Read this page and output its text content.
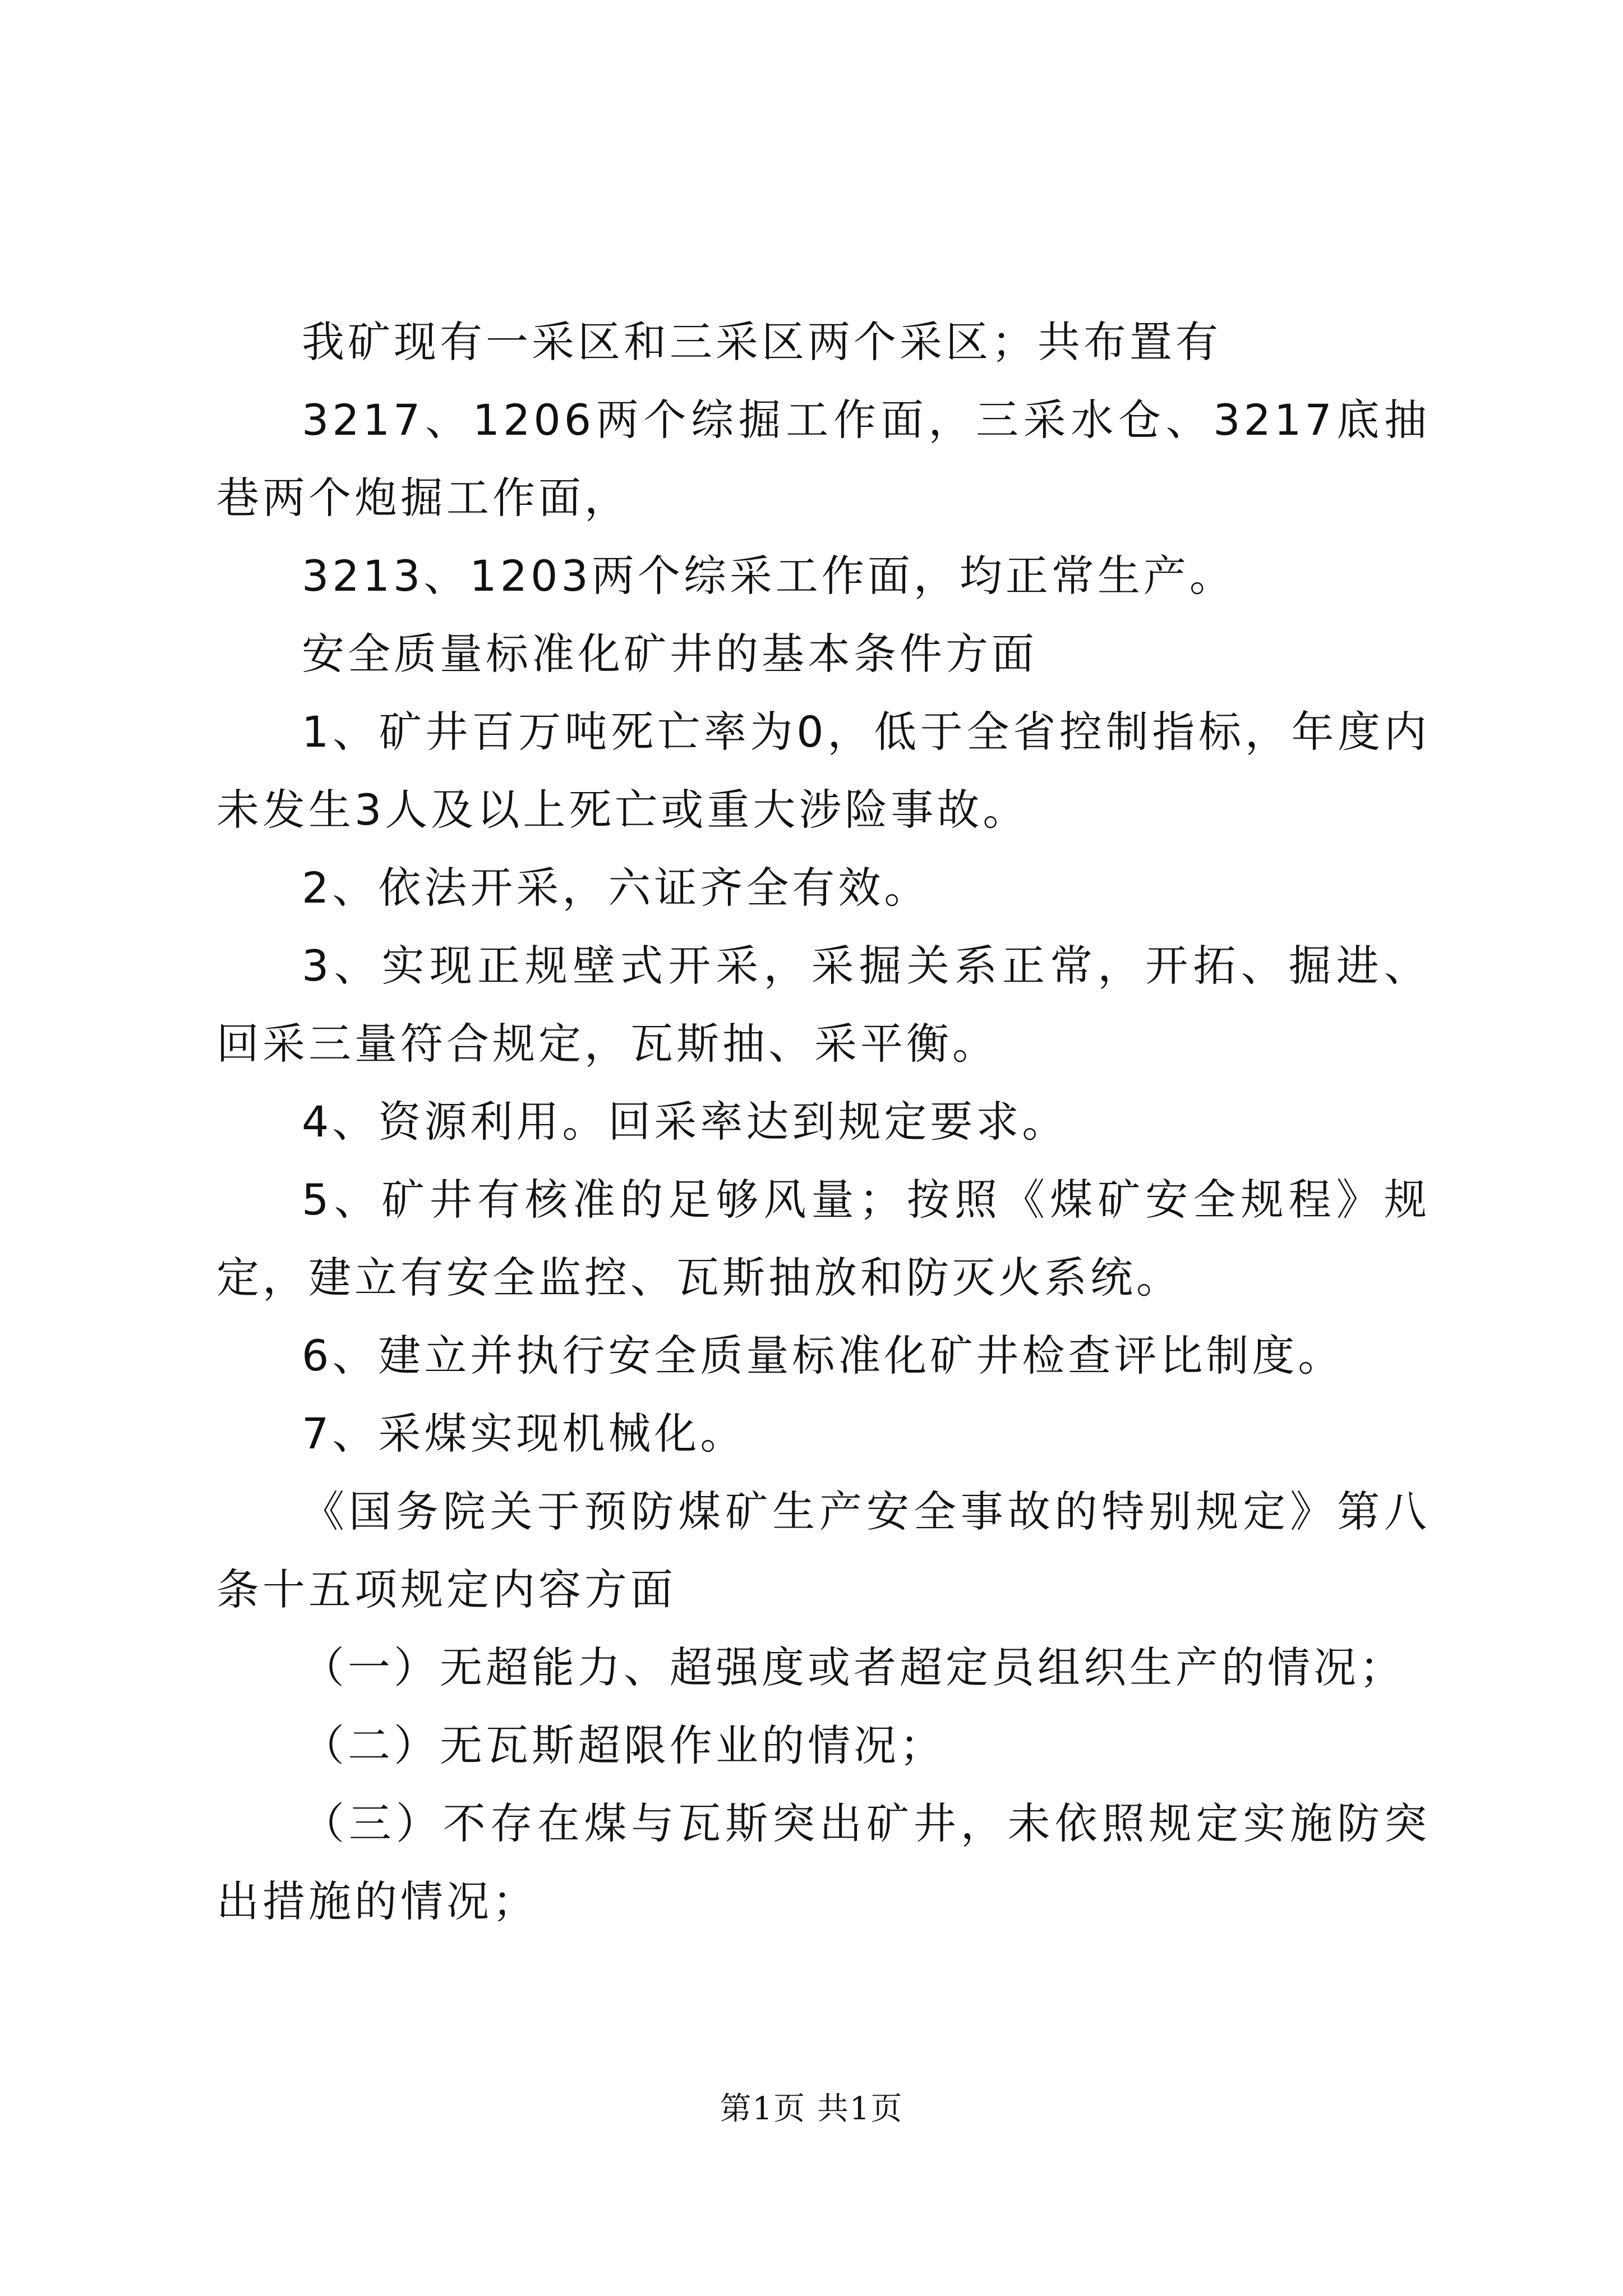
我矿现有一采区和三采区两个采区；共布置有

3217、1206两个综掘工作面，三采水仓、3217底抽巷两个炮掘工作面，

3213、1203两个综采工作面，均正常生产。

安全质量标准化矿井的基本条件方面

1、矿井百万吨死亡率为0，低于全省控制指标，年度内未发生3人及以上死亡或重大涉险事故。

2、依法开采，六证齐全有效。

3、实现正规壁式开采，采掘关系正常，开拓、掘进、回采三量符合规定，瓦斯抽、采平衡。

4、资源利用。回采率达到规定要求。

5、矿井有核准的足够风量；按照《煤矿安全规程》规定，建立有安全监控、瓦斯抽放和防灭火系统。

6、建立并执行安全质量标准化矿井检查评比制度。

7、采煤实现机械化。

《国务院关于预防煤矿生产安全事故的特别规定》第八条十五项规定内容方面

（一）无超能力、超强度或者超定员组织生产的情况；

（二）无瓦斯超限作业的情况；

（三）不存在煤与瓦斯突出矿井，未依照规定实施防突出措施的情况；

第1页 共1页
